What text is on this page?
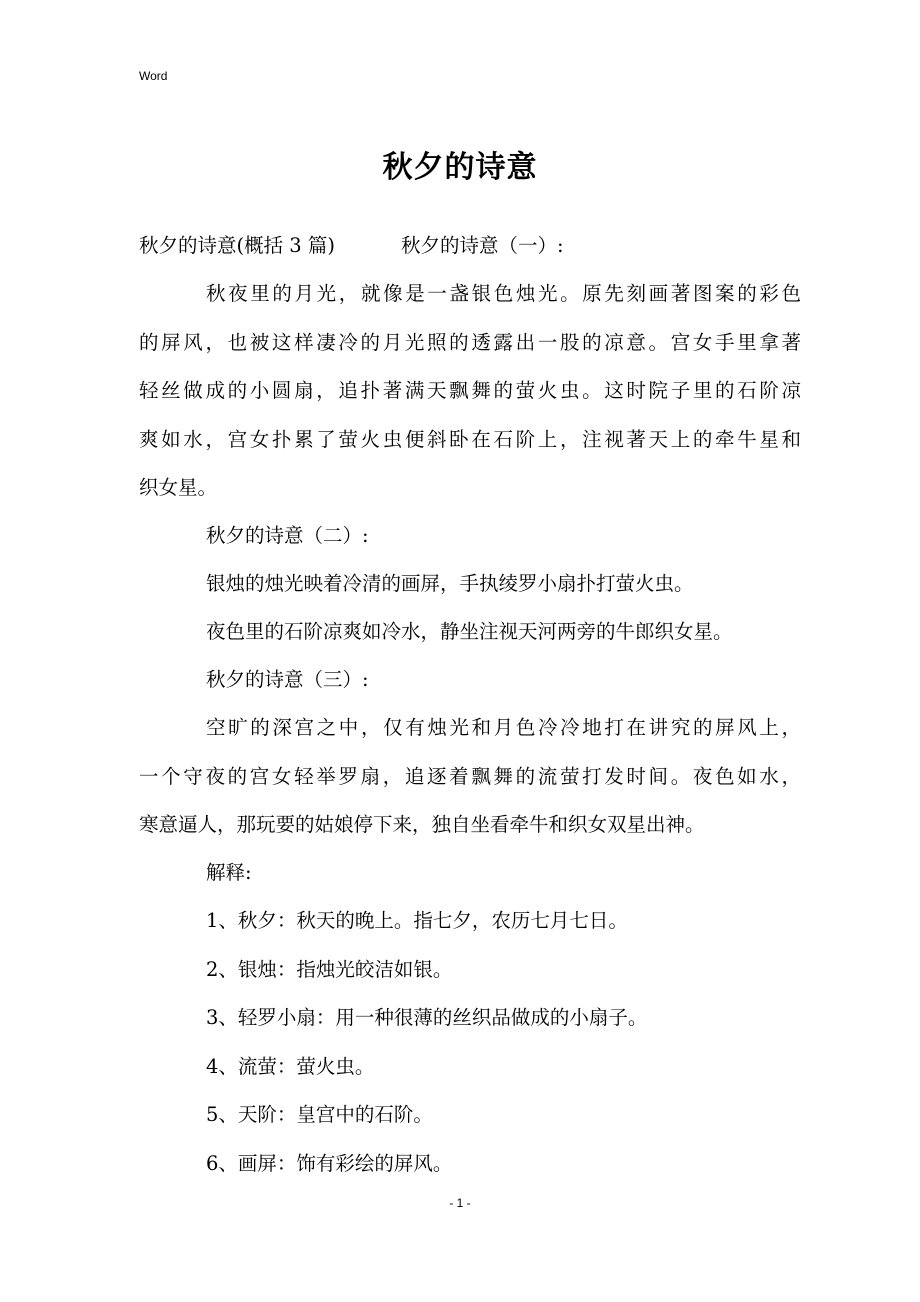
Word
秋夕的诗意
秋夕的诗意(概括 3 篇)	秋夕的诗意（一）:
秋夜里的月光，就像是一盏银色烛光。原先刻画著图案的彩色
的屏风，也被这样凄冷的月光照的透露出一股的凉意。宫女手里拿著
轻丝做成的小圆扇，追扑著满天飘舞的萤火虫。这时院子里的石阶凉
爽如水，宫女扑累了萤火虫便斜卧在石阶上，注视著天上的牵牛星和
织女星。
秋夕的诗意（二）:
银烛的烛光映着冷清的画屏，手执绫罗小扇扑打萤火虫。
夜色里的石阶凉爽如冷水，静坐注视天河两旁的牛郎织女星。
秋夕的诗意（三）:
空旷的深宫之中，仅有烛光和月色冷冷地打在讲究的屏风上，
一个守夜的宫女轻举罗扇，追逐着飘舞的流萤打发时间。夜色如水，
寒意逼人，那玩要的姑娘停下来，独自坐看牵牛和织女双星出神。
解释:
1、秋夕：秋天的晚上。指七夕，农历七月七日。
2、银烛：指烛光皎洁如银。
3、轻罗小扇：用一种很薄的丝织品做成的小扇子。
4、流萤：萤火虫。
5、天阶：皇宫中的石阶。
6、画屏：饰有彩绘的屏风。
- 1 -
